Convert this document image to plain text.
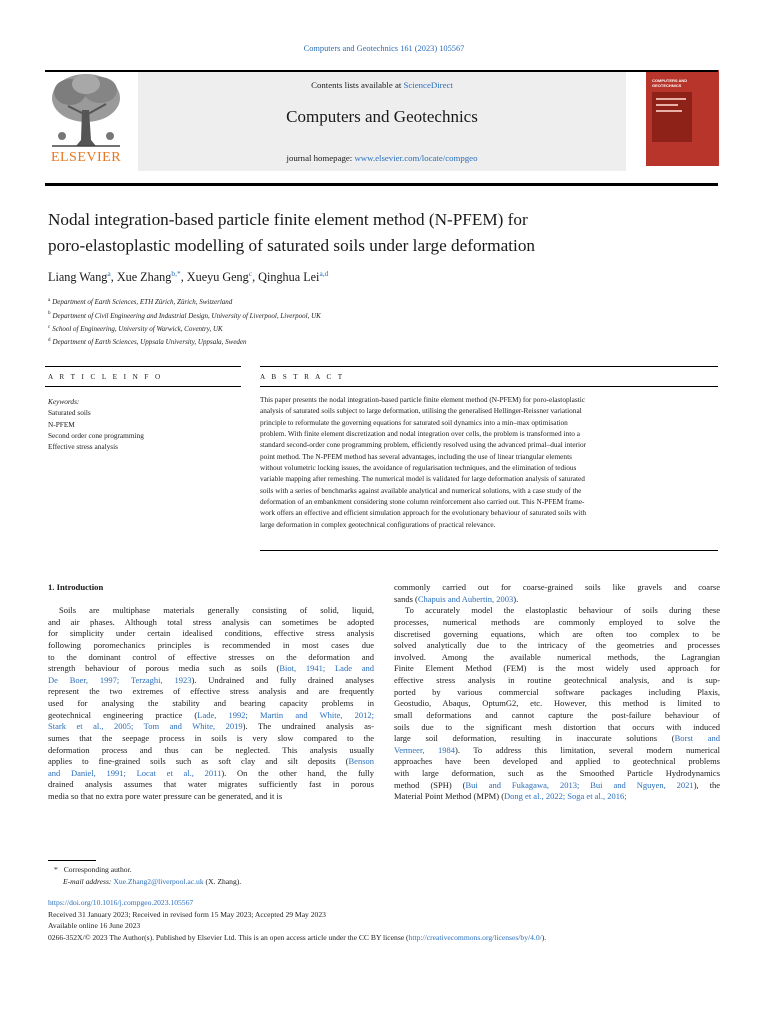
Computers and Geotechnics 161 (2023) 105567
ELSEVIER
Contents lists available at ScienceDirect
Computers and Geotechnics
journal homepage: www.elsevier.com/locate/compgeo
COMPUTERS AND GEOTECHNICS
Nodal integration-based particle finite element method (N-PFEM) for
poro-elastoplastic modelling of saturated soils under large deformation
Liang Wang$^a$, Xue Zhang$^{b,*}$, Xueyu Geng$^c$, Qinghua Lei$^{a,d}$
$^a$ Department of Earth Sciences, ETH Zürich, Zürich, Switzerland
$^b$ Department of Civil Engineering and Industrial Design, University of Liverpool, Liverpool, UK
$^c$ School of Engineering, University of Warwick, Coventry, UK
$^d$ Department of Earth Sciences, Uppsala University, Uppsala, Sweden
A R T I C L E I N F O	A B S T R A C T
Keywords:
Saturated soils
N-PFEM
Second order cone programming
Effective stress analysis
This paper presents the nodal integration-based particle finite element method (N-PFEM) for poro-elastoplastic
analysis of saturated soils subject to large deformation, utilising the generalised Hellinger-Reissner variational
principle to reformulate the governing equations for saturated soil dynamics into a min–max optimisation
problem. With finite element discretization and nodal integration over cells, the problem is transformed into a
standard second-order cone programming problem, efficiently resolved using the advanced primal–dual interior
point method. The N-PFEM method has several advantages, including the use of linear triangular elements
without volumetric locking issues, the avoidance of regularisation techniques, and the elimination of tedious
variable mapping after remeshing. The numerical model is validated for large deformation analysis of saturated
soils with a series of benchmarks against available analytical and numerical solutions, with a case study of the
deformation of an embankment considering stone column reinforcement also carried out. This N-PFEM frame-
work offers an effective and efficient simulation approach for the evolutionary behaviour of saturated soils with
large deformation in complex geotechnical configurations of practical relevance.
1. Introduction
Soils are multiphase materials generally consisting of solid, liquid,
and air phases. Although total stress analysis can sometimes be adopted
for simplicity under certain idealised conditions, effective stress analysis
following poromechanics principles is recommended in most cases due
to the dominant control of effective stresses on the deformation and
strength behaviour of porous media such as soils (Biot, 1941; Lade and
De Boer, 1997; Terzaghi, 1923). Undrained and fully drained analyses
represent the two extremes of effective stress analysis and are frequently
used for analysing the stability and bearing capacity problems in
geotechnical engineering practice (Lade, 1992; Martin and White, 2012;
Stark et al., 2005; Tom and White, 2019). The undrained analysis as-
sumes that the seepage process in soils is very slow compared to the
deformation process and thus can be neglected. This analysis usually
applies to fine-grained soils such as soft clay and silt deposits (Benson
and Daniel, 1991; Locat et al., 2011). On the other hand, the fully
drained analysis assumes that water migrates sufficiently fast in porous
media so that no extra pore water pressure can be generated, and it is
commonly carried out for coarse-grained soils like gravels and coarse
sands (Chapuis and Aubertin, 2003).
To accurately model the elastoplastic behaviour of soils during these
processes, numerical methods are commonly employed to solve the
discretised governing equations, which are often too complex to be
solved analytically due to the intricacy of the geometries and processes
involved. Among the available numerical methods, the Lagrangian
Finite Element Method (FEM) is the most widely used approach for
effective stress analysis in routine geotechnical analysis, and is sup-
ported by various commercial software packages including Plaxis,
Geostudio, Abaqus, OptumG2, etc. However, this method is limited to
small deformations and cannot capture the post-failure behaviour of
soils due to the significant mesh distortion that occurs with induced
large soil deformation, resulting in inaccurate solutions (Borst and
Vermeer, 1984). To address this limitation, several modern numerical
approaches have been developed and applied to geotechnical problems
with large deformation, such as the Smoothed Particle Hydrodynamics
method (SPH) (Bui and Fukagawa, 2013; Bui and Nguyen, 2021), the
Material Point Method (MPM) (Dong et al., 2022; Soga et al., 2016;
* Corresponding author.
E-mail address: Xue.Zhang2@liverpool.ac.uk (X. Zhang).
https://doi.org/10.1016/j.compgeo.2023.105567
Received 31 January 2023; Received in revised form 15 May 2023; Accepted 29 May 2023
Available online 16 June 2023
0266-352X/© 2023 The Author(s). Published by Elsevier Ltd. This is an open access article under the CC BY license (http://creativecommons.org/licenses/by/4.0/).
